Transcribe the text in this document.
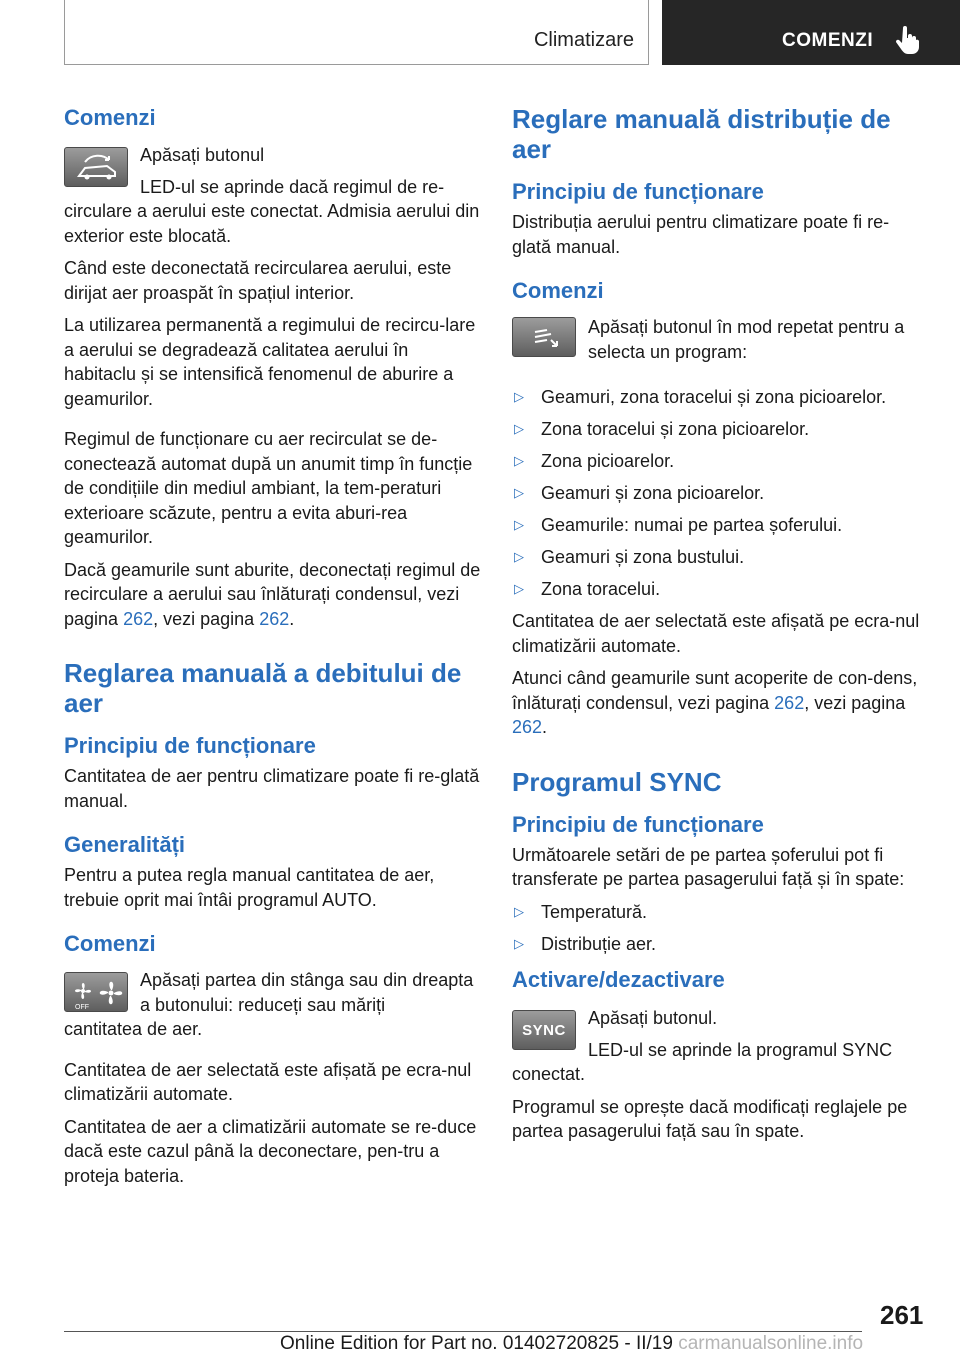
Climatizare	COMENZI
Comenzi

Apăsați butonul

LED-ul se aprinde dacă regimul de re-

circulare a aerului este conectat. Admisia aerului din exterior este blocată.

Când este deconectată recircularea aerului, este dirijat aer proaspăt în spațiul interior.

La utilizarea permanentă a regimului de recircu-lare a aerului se degradează calitatea aerului în habitaclu și se intensifică fenomenul de aburire a geamurilor.

Regimul de funcționare cu aer recirculat se de-conectează automat după un anumit timp în funcție de condițiile din mediul ambiant, la tem-peraturi exterioare scăzute, pentru a evita aburi-rea geamurilor.

Dacă geamurile sunt aburite, deconectați regimul de recirculare a aerului sau înlăturați condensul, vezi pagina 262, vezi pagina 262.

Reglarea manuală a debitului de aer
Principiu de funcționare

Cantitatea de aer pentru climatizare poate fi re-glată manual.

Generalități

Pentru a putea regla manual cantitatea de aer, trebuie oprit mai întâi programul AUTO.

Comenzi
OFF

Apăsați partea din stânga sau din dreapta a butonului: reduceți sau măriți

cantitatea de aer.

Cantitatea de aer selectată este afișată pe ecra-nul climatizării automate.

Cantitatea de aer a climatizării automate se re-duce dacă este cazul până la deconectare, pen-tru a proteja bateria.

Reglare manuală distribuție de aer
Principiu de funcționare

Distribuția aerului pentru climatizare poate fi re-glată manual.

Comenzi

Apăsați butonul în mod repetat pentru a selecta un program:

▷ Geamuri, zona toracelui și zona picioarelor.
▷ Zona toracelui și zona picioarelor.
▷ Zona picioarelor.
▷ Geamuri și zona picioarelor.
▷ Geamurile: numai pe partea șoferului.
▷ Geamuri și zona bustului.
▷ Zona toracelui.

Cantitatea de aer selectată este afișată pe ecra-nul climatizării automate.

Atunci când geamurile sunt acoperite de con-dens, înlăturați condensul, vezi pagina 262, vezi pagina 262.

Programul SYNC
Principiu de funcționare

Următoarele setări de pe partea șoferului pot fi transferate pe partea pasagerului față și în spate:

▷ Temperatură.
▷ Distribuție aer.
Activare/dezactivare
SYNC

Apăsați butonul.

LED-ul se aprinde la programul SYNC

conectat.

Programul se oprește dacă modificați reglajele pe partea pasagerului față sau în spate.

261
Online Edition for Part no. 01402720825 - II/19 carmanualsonline.info
